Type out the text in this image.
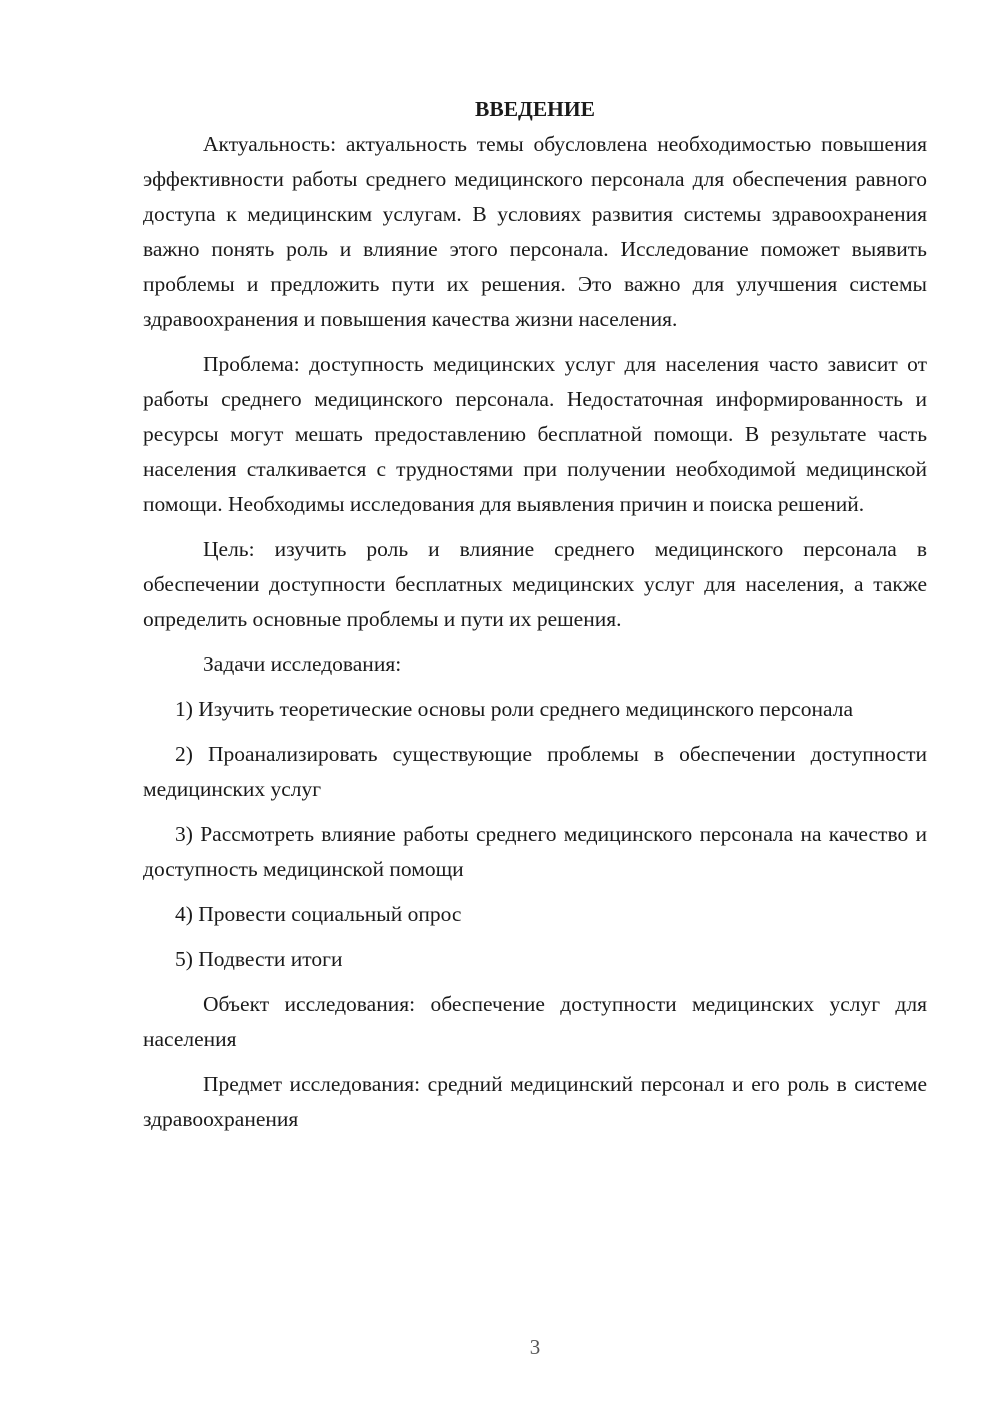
ВВЕДЕНИЕ

Актуальность: актуальность темы обусловлена необходимостью повышения эффективности работы среднего медицинского персонала для обеспечения равного доступа к медицинским услугам. В условиях развития системы здравоохранения важно понять роль и влияние этого персонала. Исследование поможет выявить проблемы и предложить пути их решения. Это важно для улучшения системы здравоохранения и повышения качества жизни населения.

Проблема: доступность медицинских услуг для населения часто зависит от работы среднего медицинского персонала. Недостаточная информированность и ресурсы могут мешать предоставлению бесплатной помощи. В результате часть населения сталкивается с трудностями при получении необходимой медицинской помощи. Необходимы исследования для выявления причин и поиска решений.

Цель: изучить роль и влияние среднего медицинского персонала в обеспечении доступности бесплатных медицинских услуг для населения, а также определить основные проблемы и пути их решения.

Задачи исследования:

1) Изучить теоретические основы роли среднего медицинского персонала

2) Проанализировать существующие проблемы в обеспечении доступности медицинских услуг

3) Рассмотреть влияние работы среднего медицинского персонала на качество и доступность медицинской помощи

4) Провести социальный опрос

5) Подвести итоги

Объект исследования: обеспечение доступности медицинских услуг для населения

Предмет исследования: средний медицинский персонал и его роль в системе здравоохранения

3
